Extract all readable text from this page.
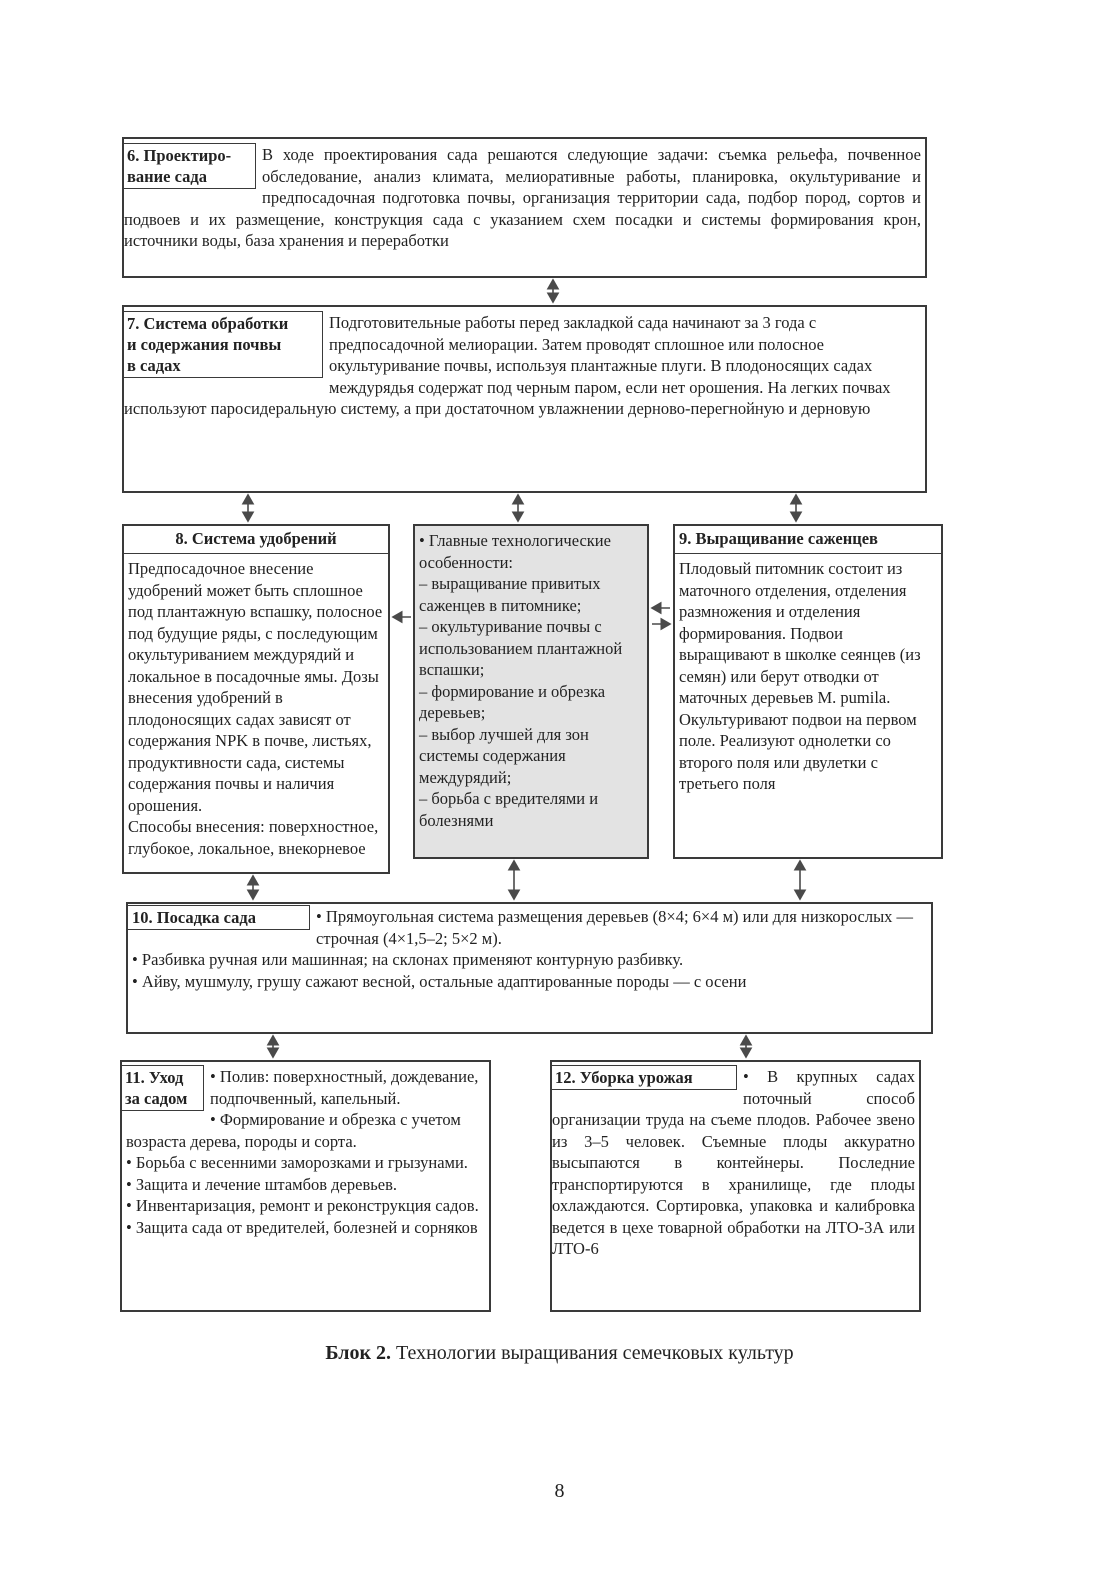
6. Проектиро-
вание сада
В ходе проектирования сада решаются следующие задачи: съемка рельефа, почвенное обследование, анализ климата, мелиоративные работы, планировка, окультуривание и предпосадочная подготовка почвы, организация территории сада, подбор пород, сортов и подвоев и их размещение, конструкция сада с указанием схем посадки и системы формирования крон, источники воды, база хранения и переработки
7. Система обработки
и содержания почвы
в садах
Подготовительные работы перед закладкой сада начинают за 3 года с предпосадочной мелиорации. Затем проводят сплошное или полосное окультуривание почвы, используя плантажные плуги. В плодоносящих садах междурядья содержат под черным паром, если нет орошения. На легких почвах используют паросидеральную систему, а при достаточном увлажнении дерново-перегнойную и дерновую
8. Система удобрений
Предпосадочное внесение удобрений может быть сплошное под плантажную вспашку, полосное под будущие ряды, с последующим окультуриванием междурядий и локальное в посадочные ямы. Дозы внесения удобрений в плодоносящих садах зависят от содержания NPK в почве, листьях, продуктивности сада, системы содержания почвы и наличия орошения.
Способы внесения: поверхностное, глубокое, локальное, внекорневое
• Главные технологические особенности:
– выращивание привитых саженцев в питомнике;
– окультуривание почвы с использованием плантажной вспашки;
– формирование и обрезка деревьев;
– выбор лучшей для зон системы содержания междурядий;
– борьба с вредителями и болезнями
9. Выращивание саженцев
Плодовый питомник состоит из маточного отделения, отделения размножения и отделения формирования. Подвои выращивают в школке сеянцев (из семян) или берут отводки от маточных деревьев M. pumila. Окультуривают подвои на первом поле. Реализуют однолетки со второго поля или двулетки с третьего поля
10. Посадка сада	• Прямоугольная система размещения деревьев (8×4; 6×4 м) или для низкорослых — строчная (4×1,5–2; 5×2 м).
• Разбивка ручная или машинная; на склонах применяют контурную разбивку.
• Айву, мушмулу, грушу сажают весной, остальные адаптированные породы — с осени
11. Уход
за садом
• Полив: поверхностный, дождевание, подпочвенный, капельный.
• Формирование и обрезка с учетом возраста дерева, породы и сорта.
• Борьба с весенними заморозками и грызунами.
• Защита и лечение штамбов деревьев.
• Инвентаризация, ремонт и реконструкция садов.
• Защита сада от вредителей, болезней и сорняков
12. Уборка урожая	• В крупных садах поточный способ организации труда на съеме плодов. Рабочее звено из 3–5 человек. Съемные плоды аккуратно высыпаются в контейнеры. Последние транспортируются в хранилище, где плоды охлаждаются. Сортировка, упаковка и калибровка ведется в цехе товарной обработки на ЛТО-3А или ЛТО-6
Блок 2. Технологии выращивания семечковых культур
8
